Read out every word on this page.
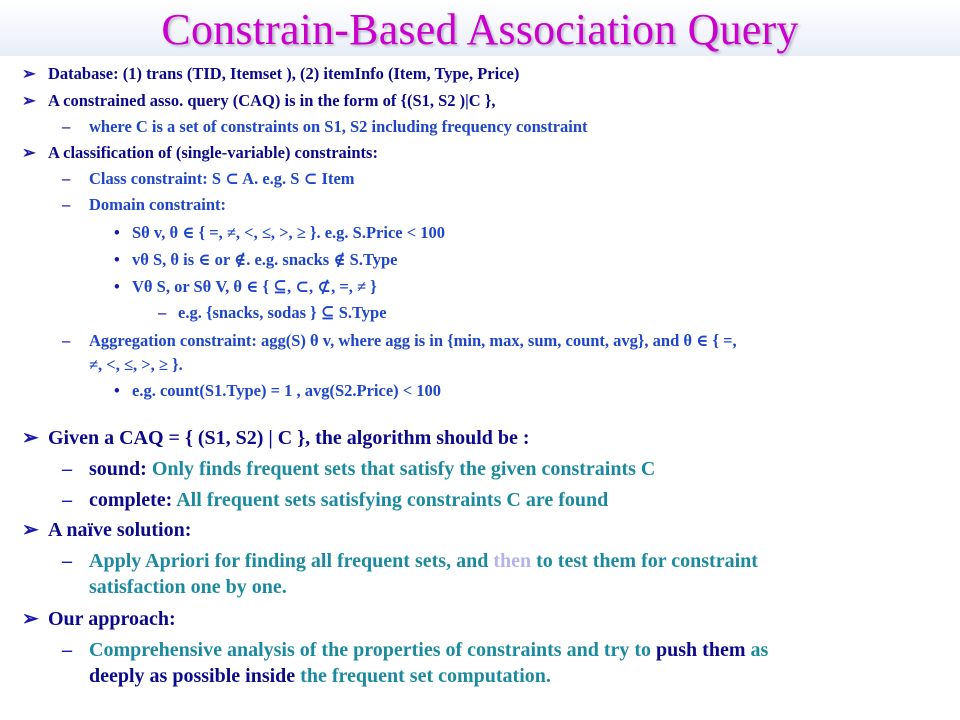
Constrain-Based Association Query
➢ Database: (1) trans (TID, Itemset ), (2) itemInfo (Item, Type, Price)
➢ A constrained asso. query (CAQ) is in the form of {(S1, S2 )|C },
– where C is a set of constraints on S1, S2 including frequency constraint
➢ A classification of (single-variable) constraints:
– Class constraint: S ⊂ A. e.g. S ⊂ Item
– Domain constraint:
• Sθ v, θ ∈ { =, ≠, <, ≤, >, ≥ }. e.g. S.Price < 100
• vθ S, θ is ∈ or ∉. e.g. snacks ∉ S.Type
• Vθ S, or Sθ V, θ ∈ { ⊆, ⊂, ⊄, =, ≠ }
– e.g. {snacks, sodas } ⊆ S.Type
– Aggregation constraint: agg(S) θ v, where agg is in {min, max, sum, count, avg}, and θ ∈ { =,
≠, <, ≤, >, ≥ }.
• e.g. count(S1.Type) = 1 , avg(S2.Price) < 100
➢ Given a CAQ = { (S1, S2) | C }, the algorithm should be :
– sound: Only finds frequent sets that satisfy the given constraints C
– complete: All frequent sets satisfying constraints C are found
➢ A naïve solution:
– Apply Apriori for finding all frequent sets, and then to test them for constraint
satisfaction one by one.
➢ Our approach:
– Comprehensive analysis of the properties of constraints and try to push them as
deeply as possible inside the frequent set computation.
